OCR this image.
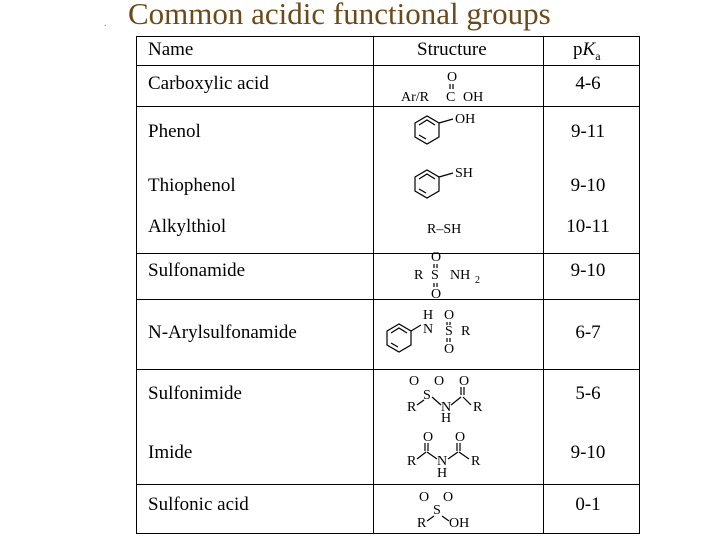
. Common acidic functional groups
Name	Structure	$pK_a$
Carboxylic acid
Phenol
Thiophenol
Alkylthiol
Sulfonamide
N-Arylsulfonamide
Sulfonimide
Imide
Sulfonic acid
4-6
9-11
9-10
10-11
9-10
6-7
5-6
9-10
0-1
O
Ar/R C OH
OH
SH
R–SH
O
R S NH 2
O
H
N
O
S R
O
O
S
O O
R N R
H
O O
R N R
H
O
S
O
R OH
